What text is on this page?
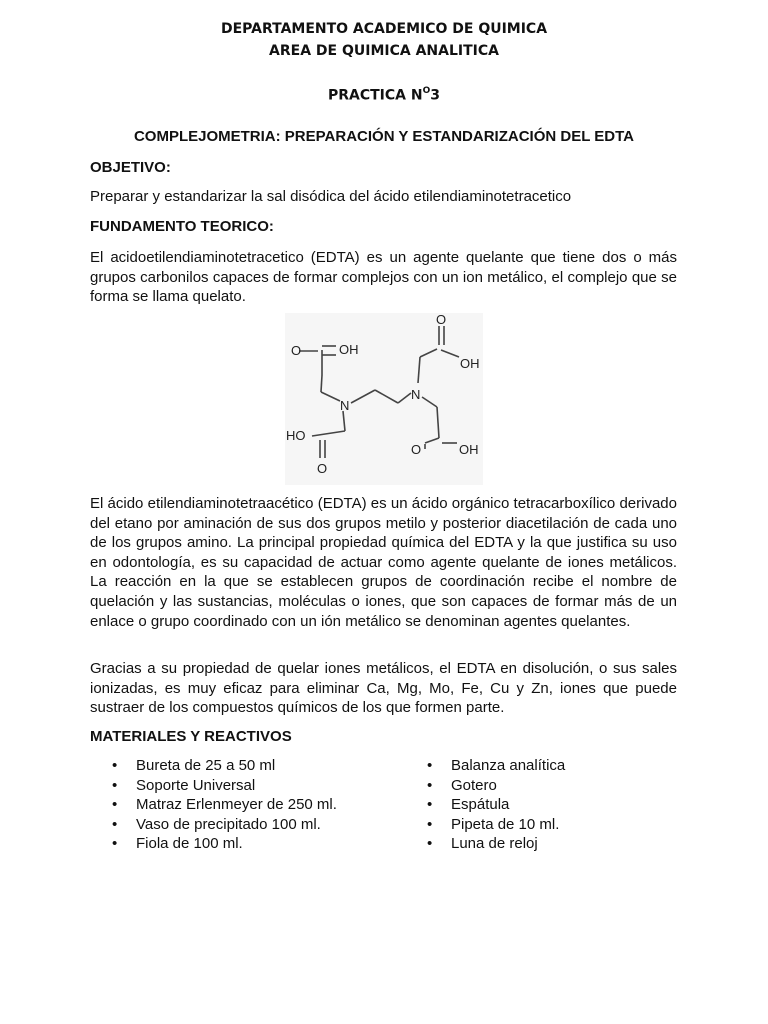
DEPARTAMENTO ACADEMICO DE QUIMICA
AREA DE QUIMICA ANALITICA
PRACTICA $N^O3$
COMPLEJOMETRIA: PREPARACIÓN Y ESTANDARIZACIÓN DEL EDTA
OBJETIVO:

Preparar y estandarizar la sal disódica del ácido etilendiaminotetracetico

FUNDAMENTO TEORICO:

El acidoetilendiaminotetracetico (EDTA) es un agente quelante que tiene dos o más grupos carbonilos capaces de formar complejos con un ion metálico, el complejo que se forma se llama quelato.

O	OH
N
HO
O
N
O
OH
O	OH

El ácido etilendiaminotetraacético (EDTA) es un ácido orgánico tetracarboxílico derivado del etano por aminación de sus dos grupos metilo y posterior diacetilación de cada uno de los grupos amino. La principal propiedad química del EDTA y la que justifica su uso en odontología, es su capacidad de actuar como agente quelante de iones metálicos. La reacción en la que se establecen grupos de coordinación recibe el nombre de quelación y las sustancias, moléculas o iones, que son capaces de formar más de un enlace o grupo coordinado con un ión metálico se denominan agentes quelantes.

Gracias a su propiedad de quelar iones metálicos, el EDTA en disolución, o sus sales ionizadas, es muy eficaz para eliminar Ca, Mg, Mo, Fe, Cu y Zn, iones que puede sustraer de los compuestos químicos de los que formen parte.

MATERIALES Y REACTIVOS
•	Bureta de 25 a 50 ml
•	Soporte Universal
•	Matraz Erlenmeyer de 250 ml.
•	Vaso de precipitado 100 ml.
•	Fiola de 100 ml.
•	Balanza analítica
•	Gotero
•	Espátula
•	Pipeta de 10 ml.
•	Luna de reloj
